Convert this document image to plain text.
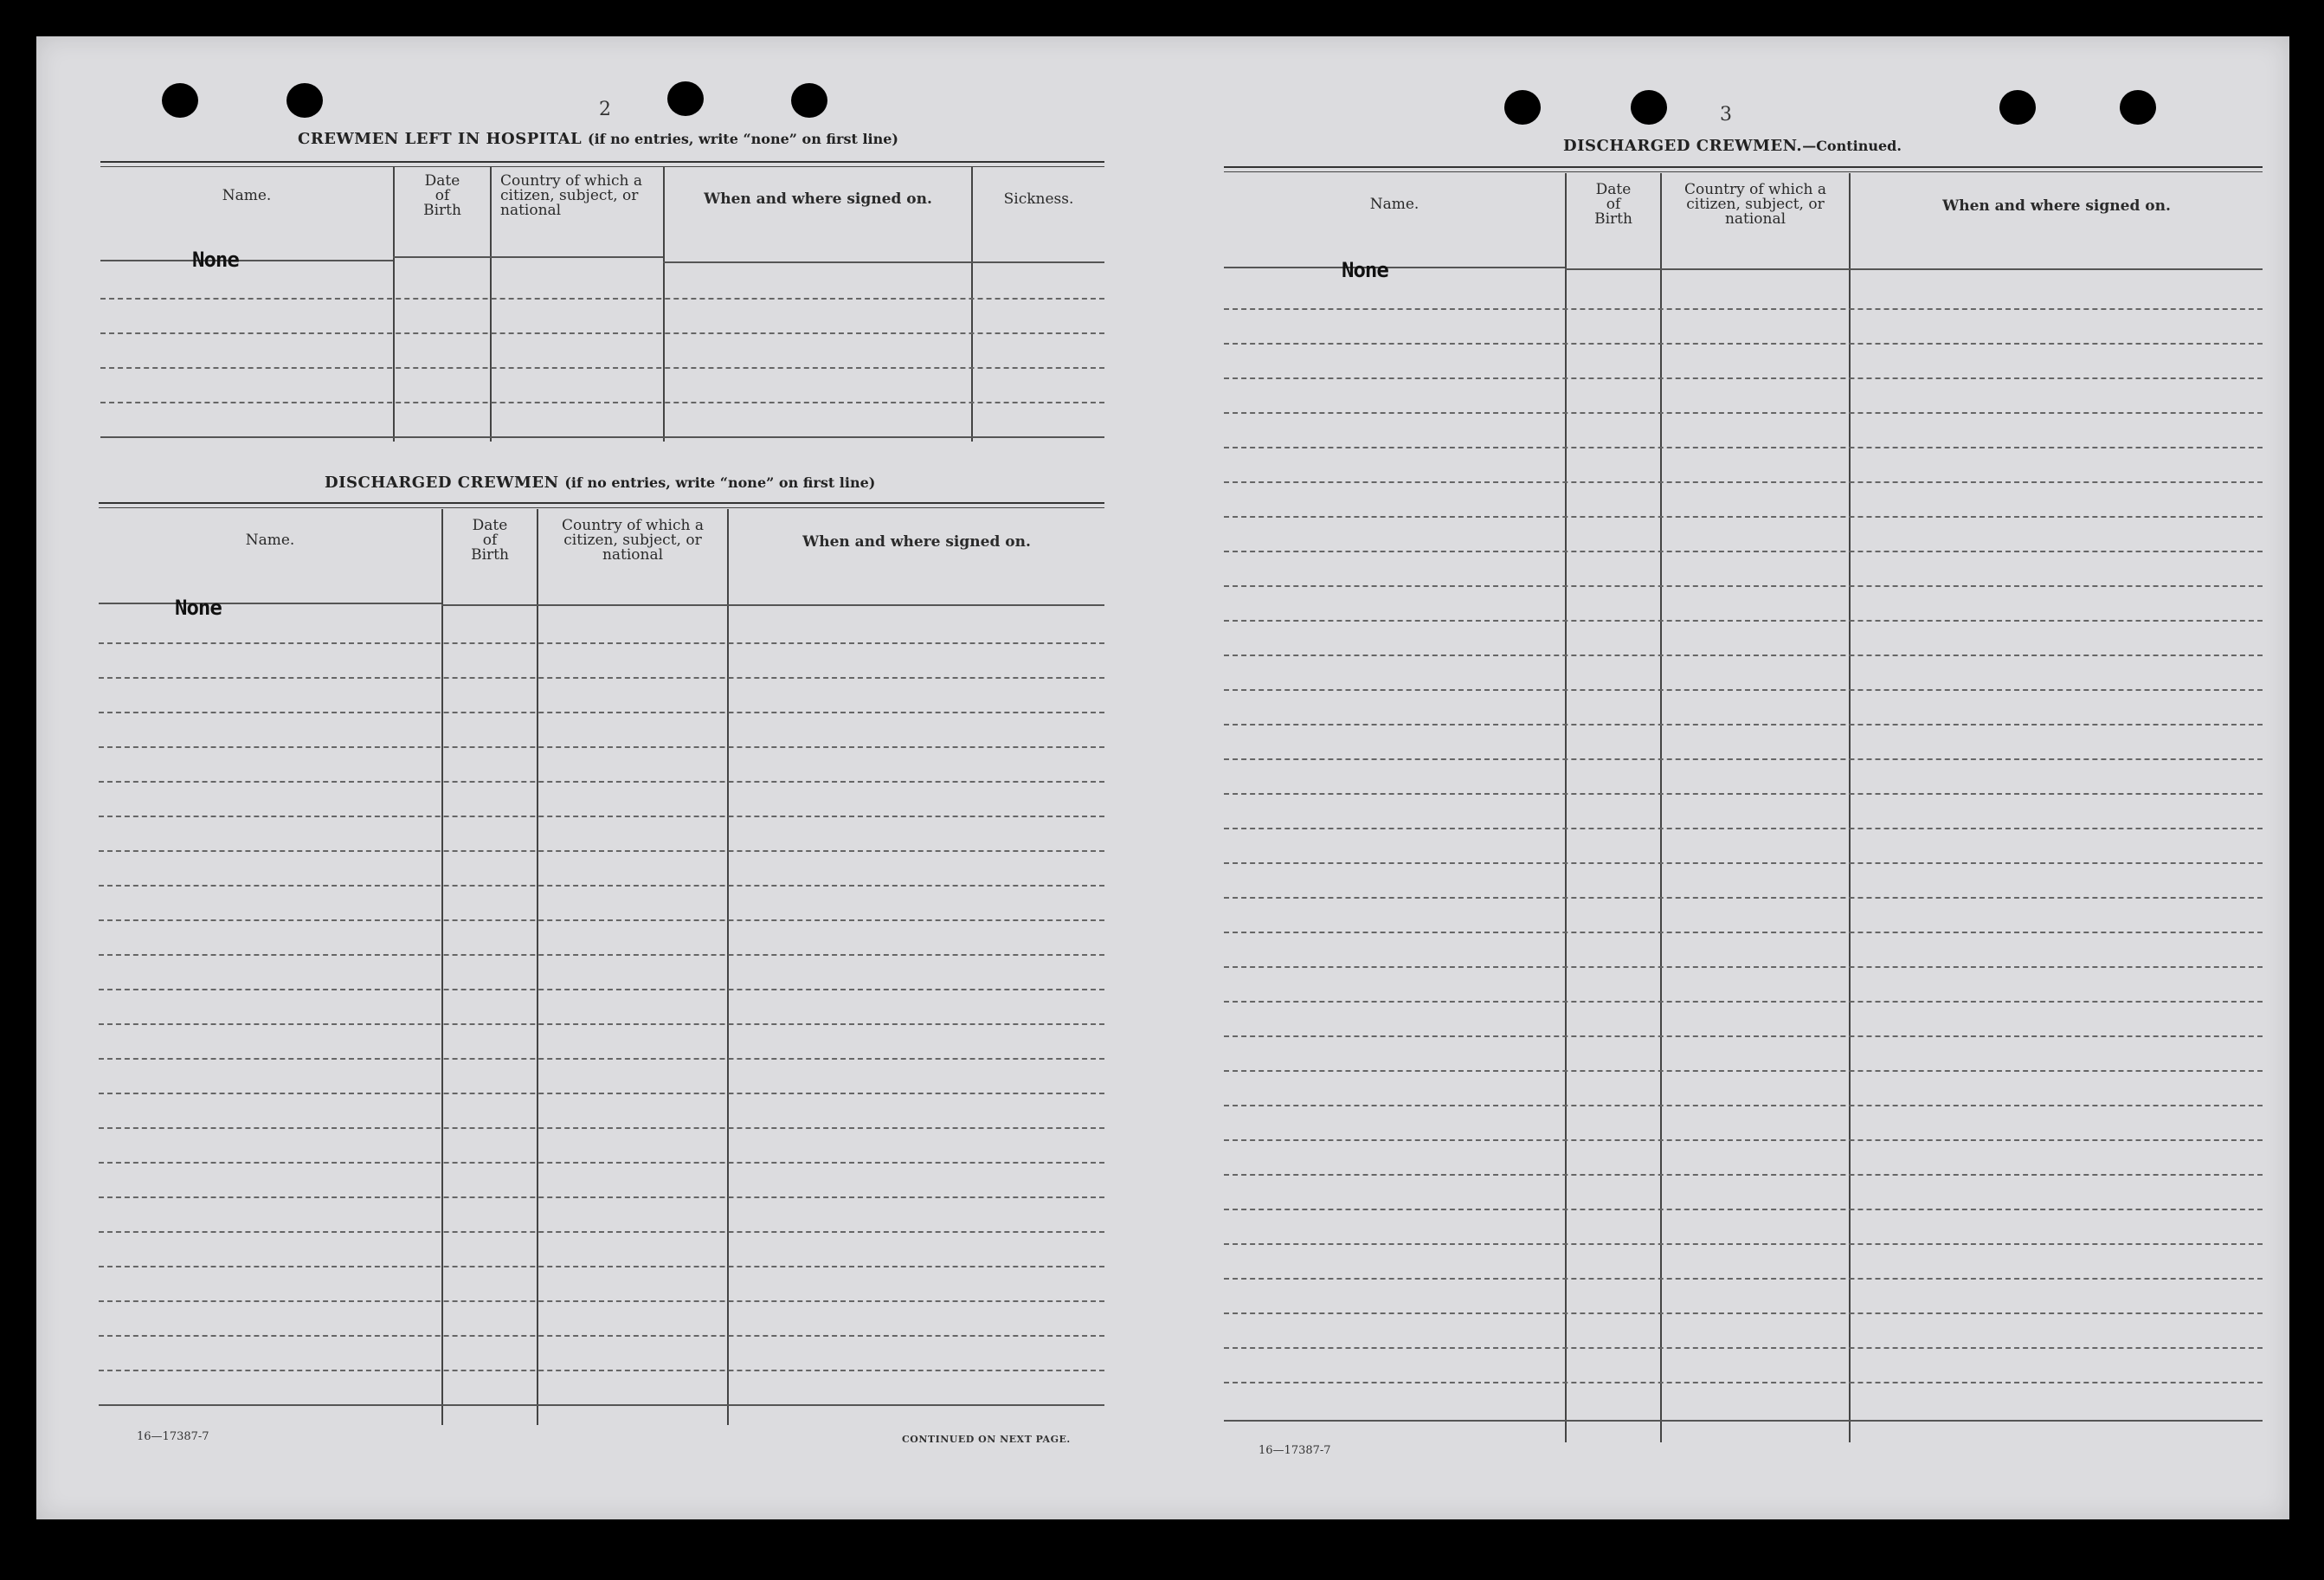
2
CREWMEN LEFT IN HOSPITAL (if no entries, write “none” on first line)
Name.
Date
of
Birth
Country of which a
citizen, subject, or
national
When and where signed on.	Sickness.
None
DISCHARGED CREWMEN (if no entries, write “none” on first line)
Name.
Date
of
Birth
Country of which a
citizen, subject, or
national
When and where signed on.
None
16—17387-7	CONTINUED ON NEXT PAGE.
3
DISCHARGED CREWMEN.—Continued.
Name.
Date
of
Birth
Country of which a
citizen, subject, or
national
When and where signed on.
None
16—17387-7
